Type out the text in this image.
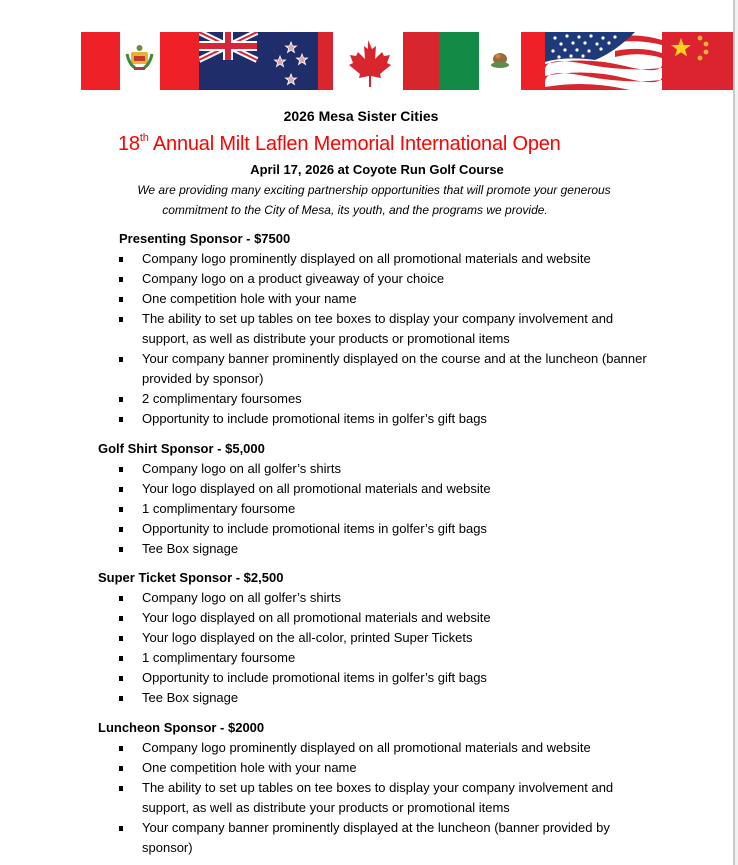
2026 Mesa Sister Cities
18th Annual Milt Laflen Memorial International Open
April 17, 2026 at Coyote Run Golf Course
We are providing many exciting partnership opportunities that will promote your generous
commitment to the City of Mesa, its youth, and the programs we provide.
Presenting Sponsor - $7500
Company logo prominently displayed on all promotional materials and website
Company logo on a product giveaway of your choice
One competition hole with your name
The ability to set up tables on tee boxes to display your company involvement and support, as well as distribute your products or promotional items
Your company banner prominently displayed on the course and at the luncheon (banner provided by sponsor)
2 complimentary foursomes
Opportunity to include promotional items in golfer’s gift bags
Golf Shirt Sponsor - $5,000
Company logo on all golfer’s shirts
Your logo displayed on all promotional materials and website
1 complimentary foursome
Opportunity to include promotional items in golfer’s gift bags
Tee Box signage
Super Ticket Sponsor - $2,500
Company logo on all golfer’s shirts
Your logo displayed on all promotional materials and website
Your logo displayed on the all-color, printed Super Tickets
1 complimentary foursome
Opportunity to include promotional items in golfer’s gift bags
Tee Box signage
Luncheon Sponsor - $2000
Company logo prominently displayed on all promotional materials and website
One competition hole with your name
The ability to set up tables on tee boxes to display your company involvement and support, as well as distribute your products or promotional items
Your company banner prominently displayed at the luncheon (banner provided by sponsor)
